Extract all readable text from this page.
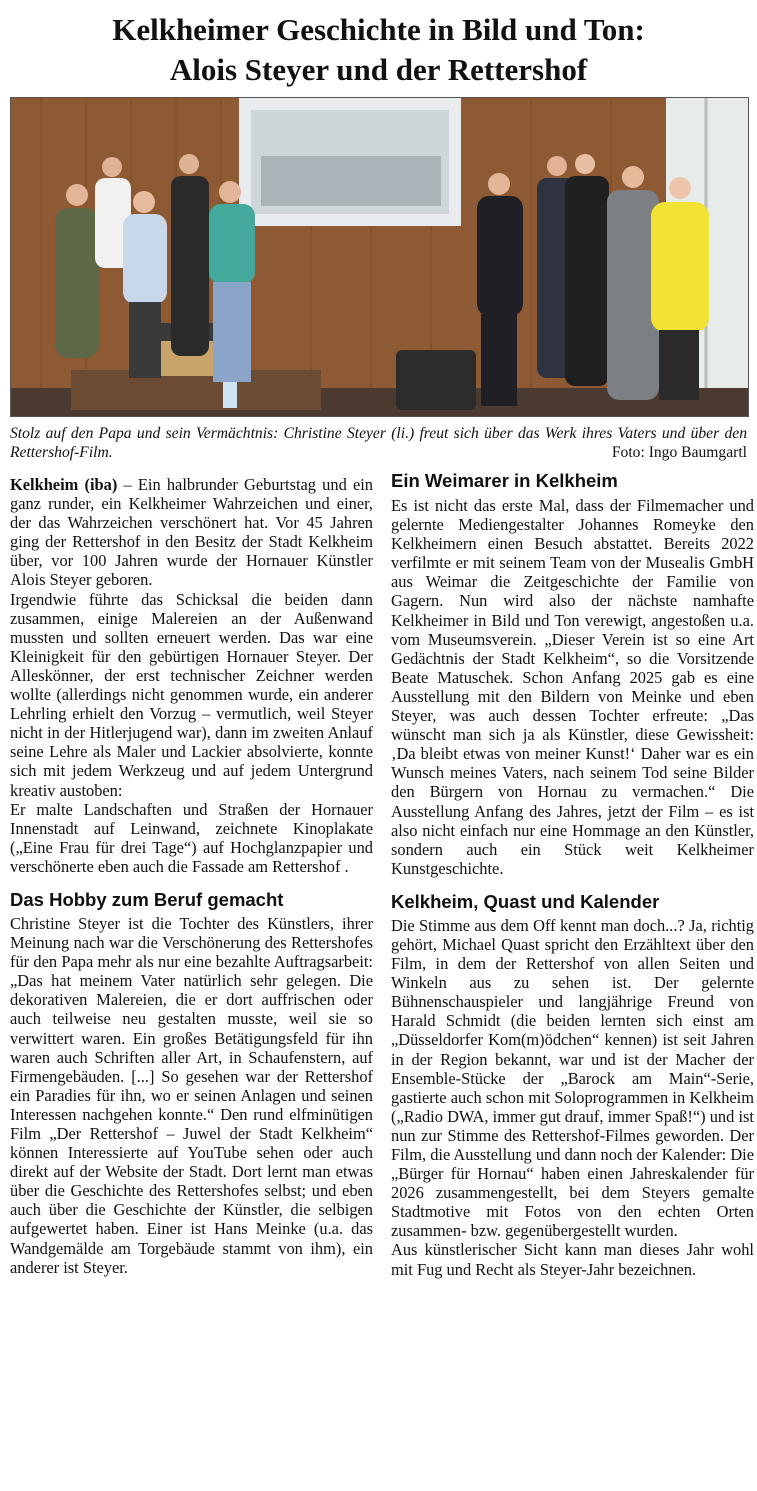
Kelkheimer Geschichte in Bild und Ton:
Alois Steyer und der Rettershof
Stolz auf den Papa und sein Vermächtnis: Christine Steyer (li.) freut sich über das Werk ihres Vaters und über den Rettershof-Film.	Foto: Ingo Baumgartl

Kelkheim (iba) – Ein halbrunder Geburtstag und ein ganz runder, ein Kelkheimer Wahrzeichen und einer, der das Wahrzeichen verschönert hat. Vor 45 Jahren ging der Rettershof in den Besitz der Stadt Kelkheim über, vor 100 Jahren wurde der Hornauer Künstler Alois Steyer geboren.

Irgendwie führte das Schicksal die beiden dann zusammen, einige Malereien an der Außenwand mussten und sollten erneuert werden. Das war eine Kleinigkeit für den gebürtigen Hornauer Steyer. Der Alleskönner, der erst technischer Zeichner werden wollte (allerdings nicht genommen wurde, ein anderer Lehrling erhielt den Vorzug – vermutlich, weil Steyer nicht in der Hitlerjugend war), dann im zweiten Anlauf seine Lehre als Maler und Lackier absolvierte, konnte sich mit jedem Werkzeug und auf jedem Untergrund kreativ austoben:

Er malte Landschaften und Straßen der Hornauer Innenstadt auf Leinwand, zeichnete Kinoplakate („Eine Frau für drei Tage“) auf Hochglanzpapier und verschönerte eben auch die Fassade am Rettershof .

Das Hobby zum Beruf gemacht

Christine Steyer ist die Tochter des Künstlers, ihrer Meinung nach war die Verschönerung des Rettershofes für den Papa mehr als nur eine bezahlte Auftragsarbeit: „Das hat meinem Vater natürlich sehr gelegen. Die dekorativen Malereien, die er dort auffrischen oder auch teilweise neu gestalten musste, weil sie so verwittert waren. Ein großes Betätigungsfeld für ihn waren auch Schriften aller Art, in Schaufenstern, auf Firmengebäuden. [...] So gesehen war der Rettershof ein Paradies für ihn, wo er seinen Anlagen und seinen Interessen nachgehen konnte.“ Den rund elfminütigen Film „Der Rettershof – Juwel der Stadt Kelkheim“ können Interessierte auf YouTube sehen oder auch direkt auf der Website der Stadt. Dort lernt man etwas über die Geschichte des Rettershofes selbst; und eben auch über die Geschichte der Künstler, die selbigen aufgewertet haben. Einer ist Hans Meinke (u.a. das Wandgemälde am Torgebäude stammt von ihm), ein anderer ist Steyer.

Ein Weimarer in Kelkheim

Es ist nicht das erste Mal, dass der Filmemacher und gelernte Mediengestalter Johannes Romeyke den Kelkheimern einen Besuch abstattet. Bereits 2022 verfilmte er mit seinem Team von der Musealis GmbH aus Weimar die Zeitgeschichte der Familie von Gagern. Nun wird also der nächste namhafte Kelkheimer in Bild und Ton verewigt, angestoßen u.a. vom Museumsverein. „Dieser Verein ist so eine Art Gedächtnis der Stadt Kelkheim“, so die Vorsitzende Beate Matuschek. Schon Anfang 2025 gab es eine Ausstellung mit den Bildern von Meinke und eben Steyer, was auch dessen Tochter erfreute: „Das wünscht man sich ja als Künstler, diese Gewissheit: ‚Da bleibt etwas von meiner Kunst!‘ Daher war es ein Wunsch meines Vaters, nach seinem Tod seine Bilder den Bürgern von Hornau zu vermachen.“ Die Ausstellung Anfang des Jahres, jetzt der Film – es ist also nicht einfach nur eine Hommage an den Künstler, sondern auch ein Stück weit Kelkheimer Kunstgeschichte.

Kelkheim, Quast und Kalender

Die Stimme aus dem Off kennt man doch...? Ja, richtig gehört, Michael Quast spricht den Erzähltext über den Film, in dem der Rettershof von allen Seiten und Winkeln aus zu sehen ist. Der gelernte Bühnenschauspieler und langjährige Freund von Harald Schmidt (die beiden lernten sich einst am „Düsseldorfer Kom(m)ödchen“ kennen) ist seit Jahren in der Region bekannt, war und ist der Macher der Ensemble-Stücke der „Barock am Main“-Serie, gastierte auch schon mit Soloprogrammen in Kelkheim („Radio DWA, immer gut drauf, immer Spaß!“) und ist nun zur Stimme des Rettershof-Filmes geworden. Der Film, die Ausstellung und dann noch der Kalender: Die „Bürger für Hornau“ haben einen Jahreskalender für 2026 zusammengestellt, bei dem Steyers gemalte Stadtmotive mit Fotos von den echten Orten zusammen- bzw. gegenübergestellt wurden.

Aus künstlerischer Sicht kann man dieses Jahr wohl mit Fug und Recht als Steyer-Jahr bezeichnen.
